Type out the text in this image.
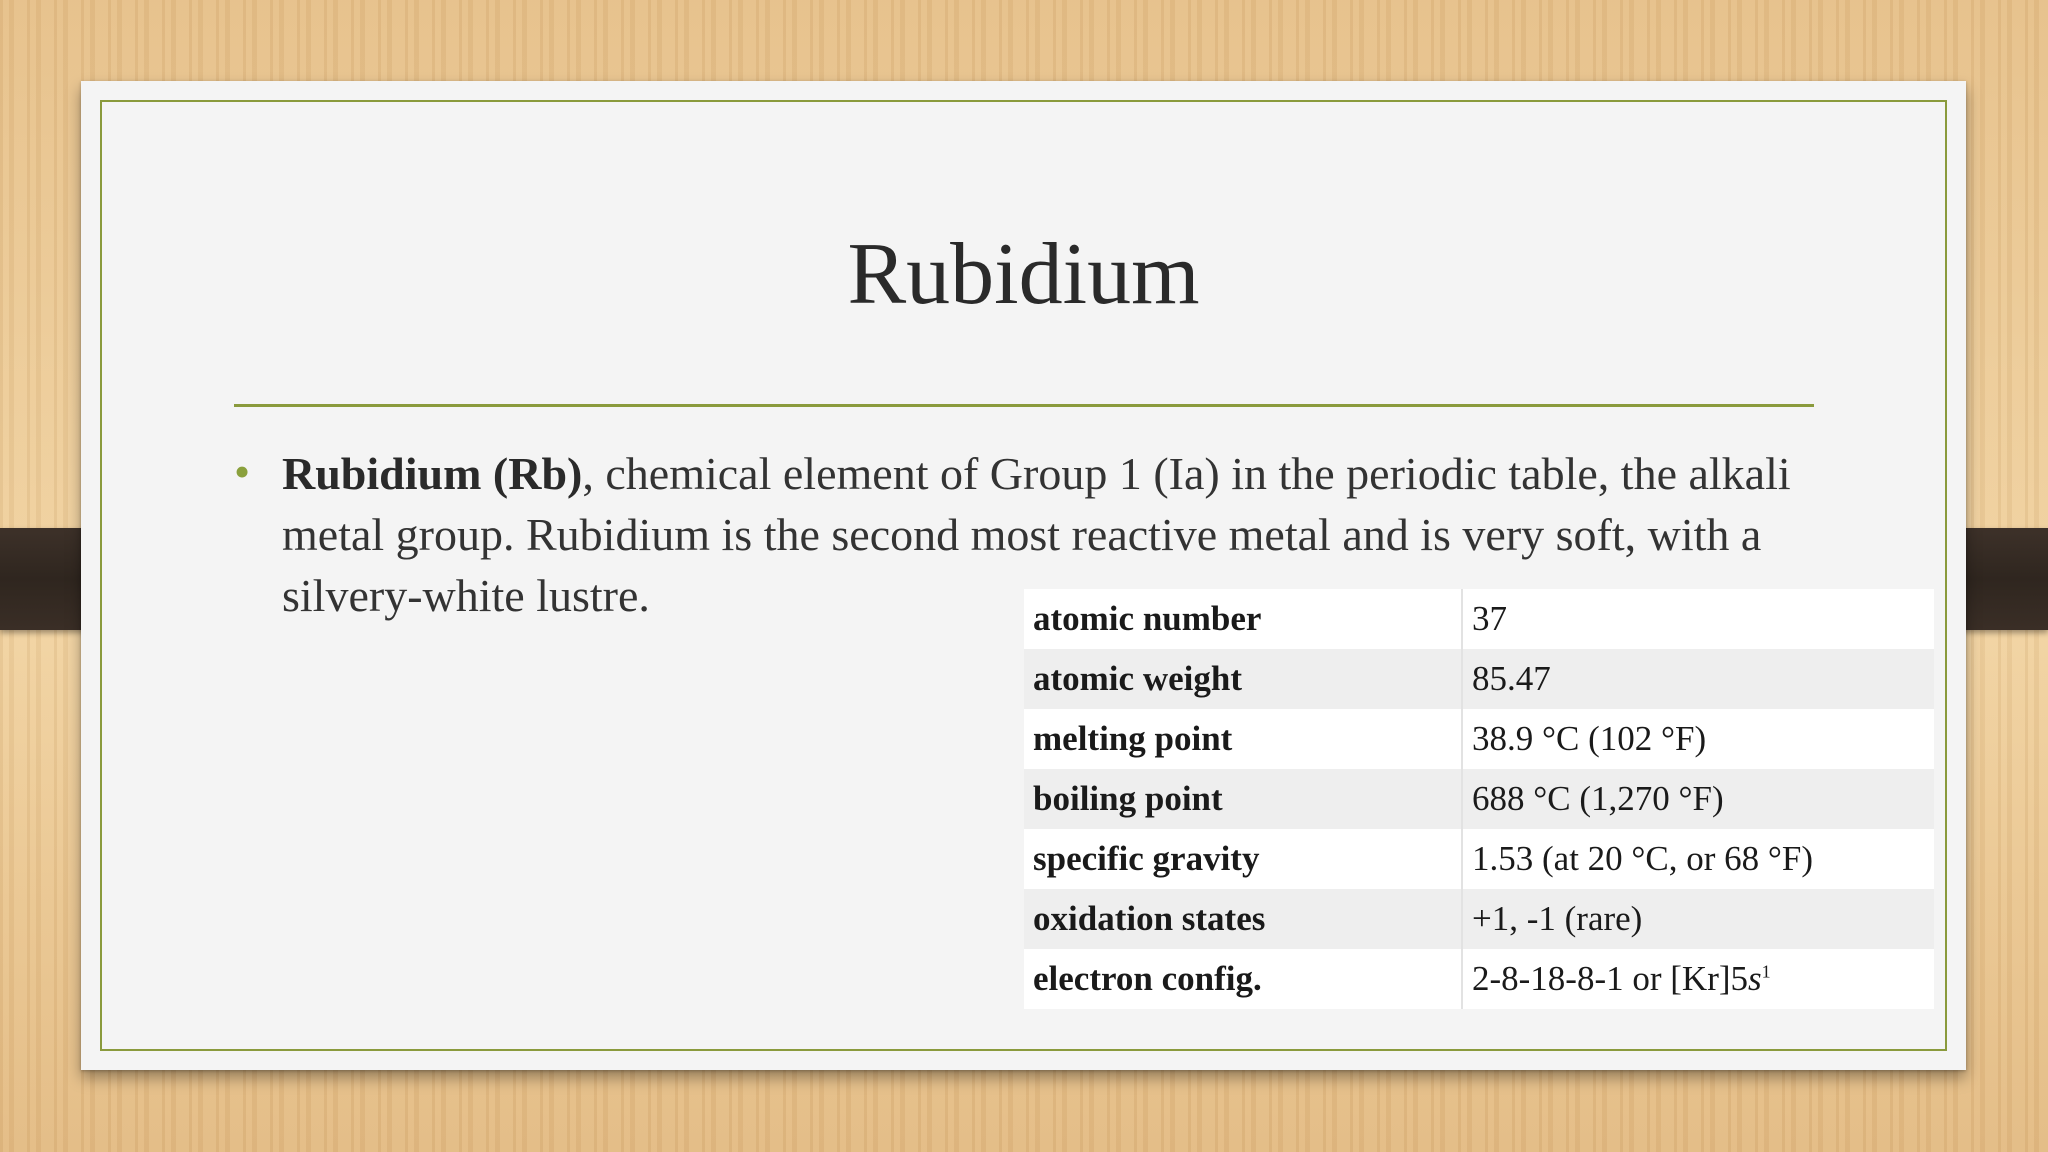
Rubidium
• Rubidium (Rb), chemical element of Group 1 (Ia) in the periodic table, the alkali metal group. Rubidium is the second most reactive metal and is very soft, with a silvery-white lustre.	atomic number	37
atomic weight	85.47
melting point	38.9 °C (102 °F)
boiling point	688 °C (1,270 °F)
specific gravity	1.53 (at 20 °C, or 68 °F)
oxidation states	+1, -1 (rare)
electron config.	2-8-18-8-1 or $[Kr]5s^1$
